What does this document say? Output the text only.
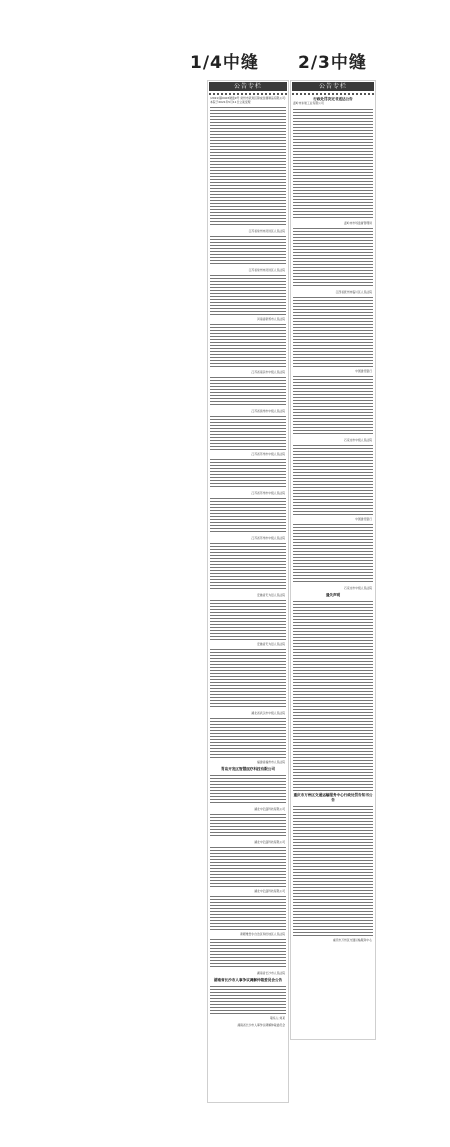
1/4中缝 2/3中缝
公告专栏
(2021)镇0403破监9号 常州市武进区锦成金属制品有限公司:本院于2021年5月11日立案受理
江苏省常州市武进区人民法院
江苏省常州市武进区人民法院
河南省新郑市人民法院
江苏省南京市中级人民法院
江苏省扬州市中级人民法院
江苏省苏州市中级人民法院
江苏省苏州市中级人民法院
江苏省苏州市中级人民法院
安徽省无为县人民法院
安徽省无为县人民法院
湖北省武汉市中级人民法院
福建省福州市人民法院
青岛开发区智慧医疗科技有限公司
湖北中亿盛科技有限公司
湖北中亿盛科技有限公司
湖北中亿盛科技有限公司
新疆维吾尔自治区和田地区人民法院
湖南省长沙市人民法院
湖南省长沙市人事争议调解仲裁委员会公告
联系人:刘某
湖南省长沙市人事争议调解仲裁委员会
公告专栏
行政处罚决定书送达公告
温岭市东航工业有限公司
温岭市市场监督管理局
江西省抚州市临川区人民法院
中国建设银行
石家庄市中级人民法院
中国建设银行
石家庄市中级人民法院
遗失声明
重庆市万州区交通运输服务中心行政处罚告知书公告
重庆市万州区交通运输服务中心
